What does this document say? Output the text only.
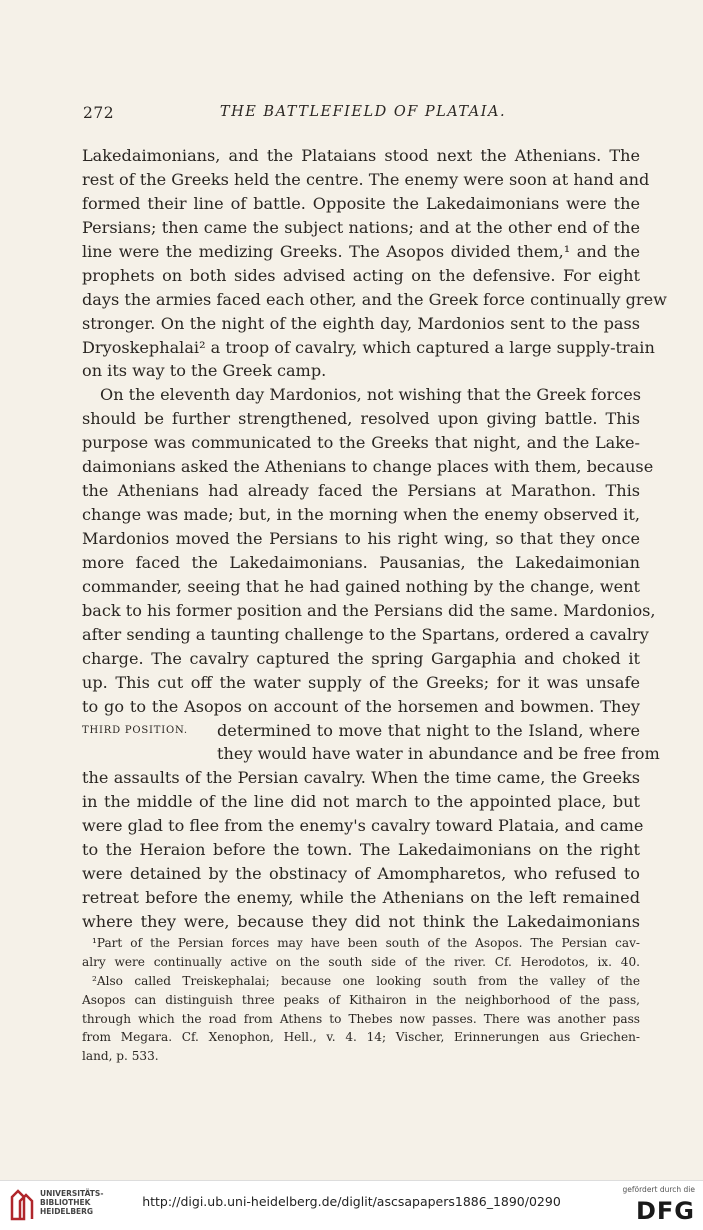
272	THE BATTLEFIELD OF PLATAIA.
Lakedaimonians, and the Plataians stood next the Athenians. The
rest of the Greeks held the centre. The enemy were soon at hand and
formed their line of battle. Opposite the Lakedaimonians were the
Persians; then came the subject nations; and at the other end of the
line were the medizing Greeks. The Asopos divided them,¹ and the
prophets on both sides advised acting on the defensive. For eight
days the armies faced each other, and the Greek force continually grew
stronger. On the night of the eighth day, Mardonios sent to the pass
Dryoskephalai² a troop of cavalry, which captured a large supply-train
on its way to the Greek camp.
On the eleventh day Mardonios, not wishing that the Greek forces
should be further strengthened, resolved upon giving battle. This
purpose was communicated to the Greeks that night, and the Lake-
daimonians asked the Athenians to change places with them, because
the Athenians had already faced the Persians at Marathon. This
change was made; but, in the morning when the enemy observed it,
Mardonios moved the Persians to his right wing, so that they once
more faced the Lakedaimonians. Pausanias, the Lakedaimonian
commander, seeing that he had gained nothing by the change, went
back to his former position and the Persians did the same. Mardonios,
after sending a taunting challenge to the Spartans, ordered a cavalry
charge. The cavalry captured the spring Gargaphia and choked it
up. This cut off the water supply of the Greeks; for it was unsafe
to go to the Asopos on account of the horsemen and bowmen. They
determined to move that night to the Island, where
they would have water in abundance and be free from
the assaults of the Persian cavalry. When the time came, the Greeks
in the middle of the line did not march to the appointed place, but
were glad to flee from the enemy's cavalry toward Plataia, and came
to the Heraion before the town. The Lakedaimonians on the right
were detained by the obstinacy of Amompharetos, who refused to
retreat before the enemy, while the Athenians on the left remained
where they were, because they did not think the Lakedaimonians
THIRD POSITION.
¹Part of the Persian forces may have been south of the Asopos. The Persian cav-
alry were continually active on the south side of the river. Cf. Herodotos, ix. 40.
²Also called Treiskephalai; because one looking south from the valley of the
Asopos can distinguish three peaks of Kithairon in the neighborhood of the pass,
through which the road from Athens to Thebes now passes. There was another pass
from Megara. Cf. Xenophon, Hell., v. 4. 14; Vischer, Erinnerungen aus Griechen-
land, p. 533.
UNIVERSITÄTS-
BIBLIOTHEK
HEIDELBERG
http://digi.ub.uni-heidelberg.de/diglit/ascsapapers1886_1890/0290
gefördert durch die
DFG
